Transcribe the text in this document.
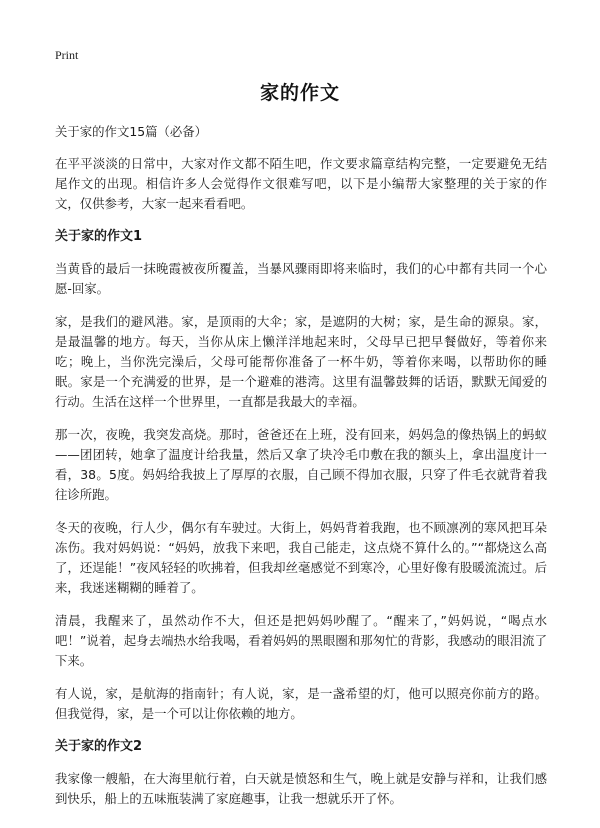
Print
家的作文

关于家的作文15篇（必备）

在平平淡淡的日常中，大家对作文都不陌生吧，作文要求篇章结构完整，一定要避免无结尾作文的出现。相信许多人会觉得作文很难写吧，以下是小编帮大家整理的关于家的作文，仅供参考，大家一起来看看吧。

关于家的作文1

当黄昏的最后一抹晚霞被夜所覆盖，当暴风骤雨即将来临时，我们的心中都有共同一个心愿-回家。

家，是我们的避风港。家，是顶雨的大伞；家，是遮阴的大树；家，是生命的源泉。家，是最温馨的地方。每天，当你从床上懒洋洋地起来时，父母早已把早餐做好，等着你来吃；晚上，当你洗完澡后，父母可能帮你准备了一杯牛奶，等着你来喝，以帮助你的睡眠。家是一个充满爱的世界，是一个避难的港湾。这里有温馨鼓舞的话语，默默无闻爱的行动。生活在这样一个世界里，一直都是我最大的幸福。

那一次，夜晚，我突发高烧。那时，爸爸还在上班，没有回来，妈妈急的像热锅上的蚂蚁——团团转，她拿了温度计给我量，然后又拿了块冷毛巾敷在我的额头上，拿出温度计一看，38。5度。妈妈给我披上了厚厚的衣服，自己顾不得加衣服，只穿了件毛衣就背着我往诊所跑。

冬天的夜晚，行人少，偶尔有车驶过。大街上，妈妈背着我跑，也不顾凛冽的寒风把耳朵冻伤。我对妈妈说：“妈妈，放我下来吧，我自己能走，这点烧不算什么的。”“都烧这么高了，还逞能！”夜风轻轻的吹拂着，但我却丝毫感觉不到寒冷，心里好像有股暖流流过。后来，我迷迷糊糊的睡着了。

清晨，我醒来了，虽然动作不大，但还是把妈妈吵醒了。“醒来了，”妈妈说，“喝点水吧！”说着，起身去端热水给我喝，看着妈妈的黑眼圈和那匆忙的背影，我感动的眼泪流了下来。

有人说，家，是航海的指南针；有人说，家，是一盏希望的灯，他可以照亮你前方的路。但我觉得，家，是一个可以让你依赖的地方。

关于家的作文2

我家像一艘船，在大海里航行着，白天就是愤怒和生气，晚上就是安静与祥和，让我们感到快乐，船上的五味瓶装满了家庭趣事，让我一想就乐开了怀。
